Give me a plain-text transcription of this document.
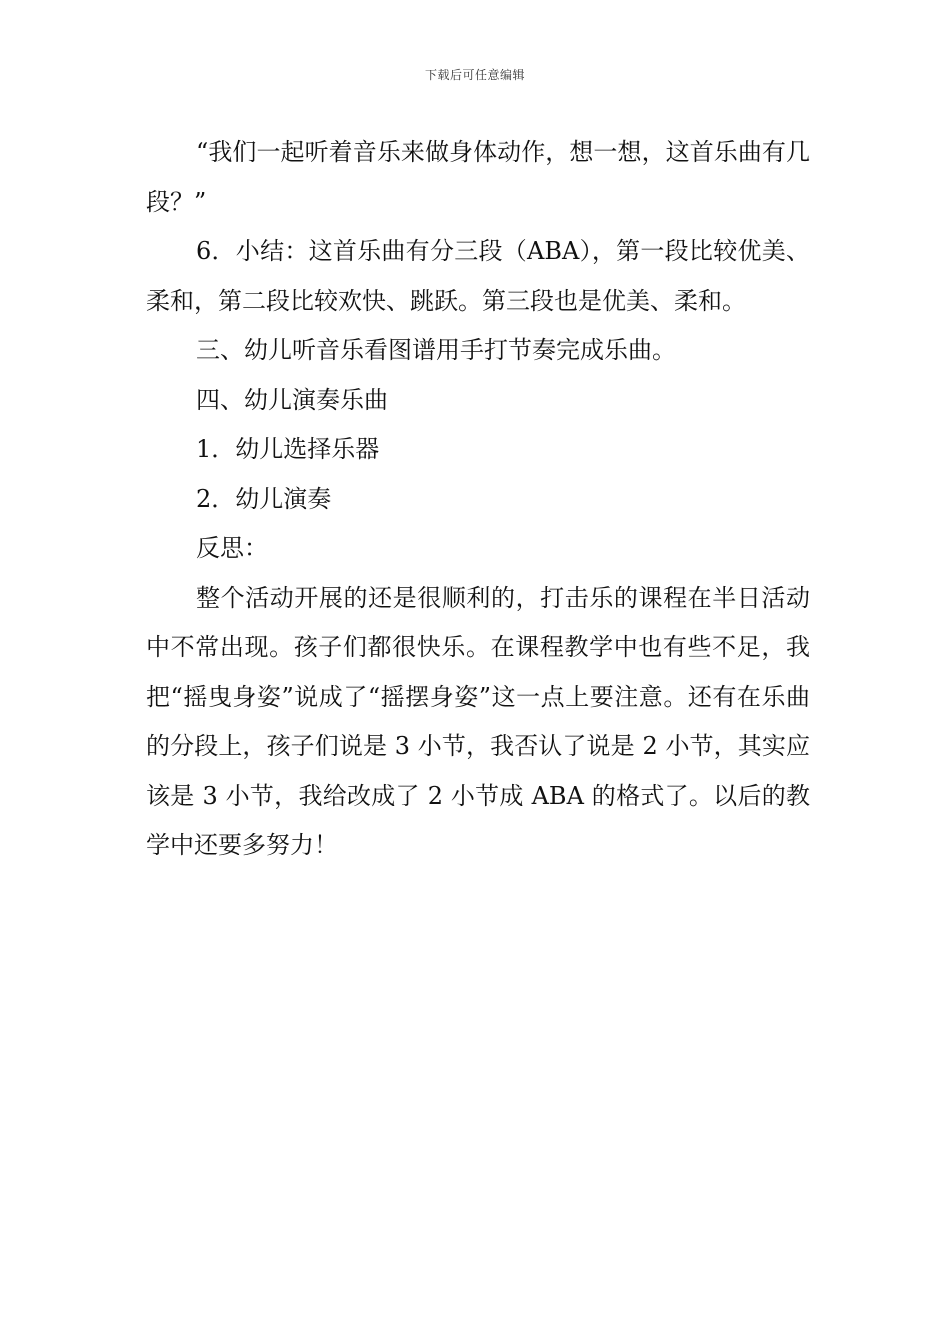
下载后可任意编辑

“我们一起听着音乐来做身体动作，想一想，这首乐曲有几段？”

6．小结：这首乐曲有分三段（ABA），第一段比较优美、柔和，第二段比较欢快、跳跃。第三段也是优美、柔和。

三、幼儿听音乐看图谱用手打节奏完成乐曲。

四、幼儿演奏乐曲

1．幼儿选择乐器

2．幼儿演奏

反思：

整个活动开展的还是很顺利的，打击乐的课程在半日活动中不常出现。孩子们都很快乐。在课程教学中也有些不足，我把“摇曳身姿”说成了“摇摆身姿”这一点上要注意。还有在乐曲的分段上，孩子们说是 3 小节，我否认了说是 2 小节，其实应该是 3 小节，我给改成了 2 小节成 ABA 的格式了。以后的教学中还要多努力！
